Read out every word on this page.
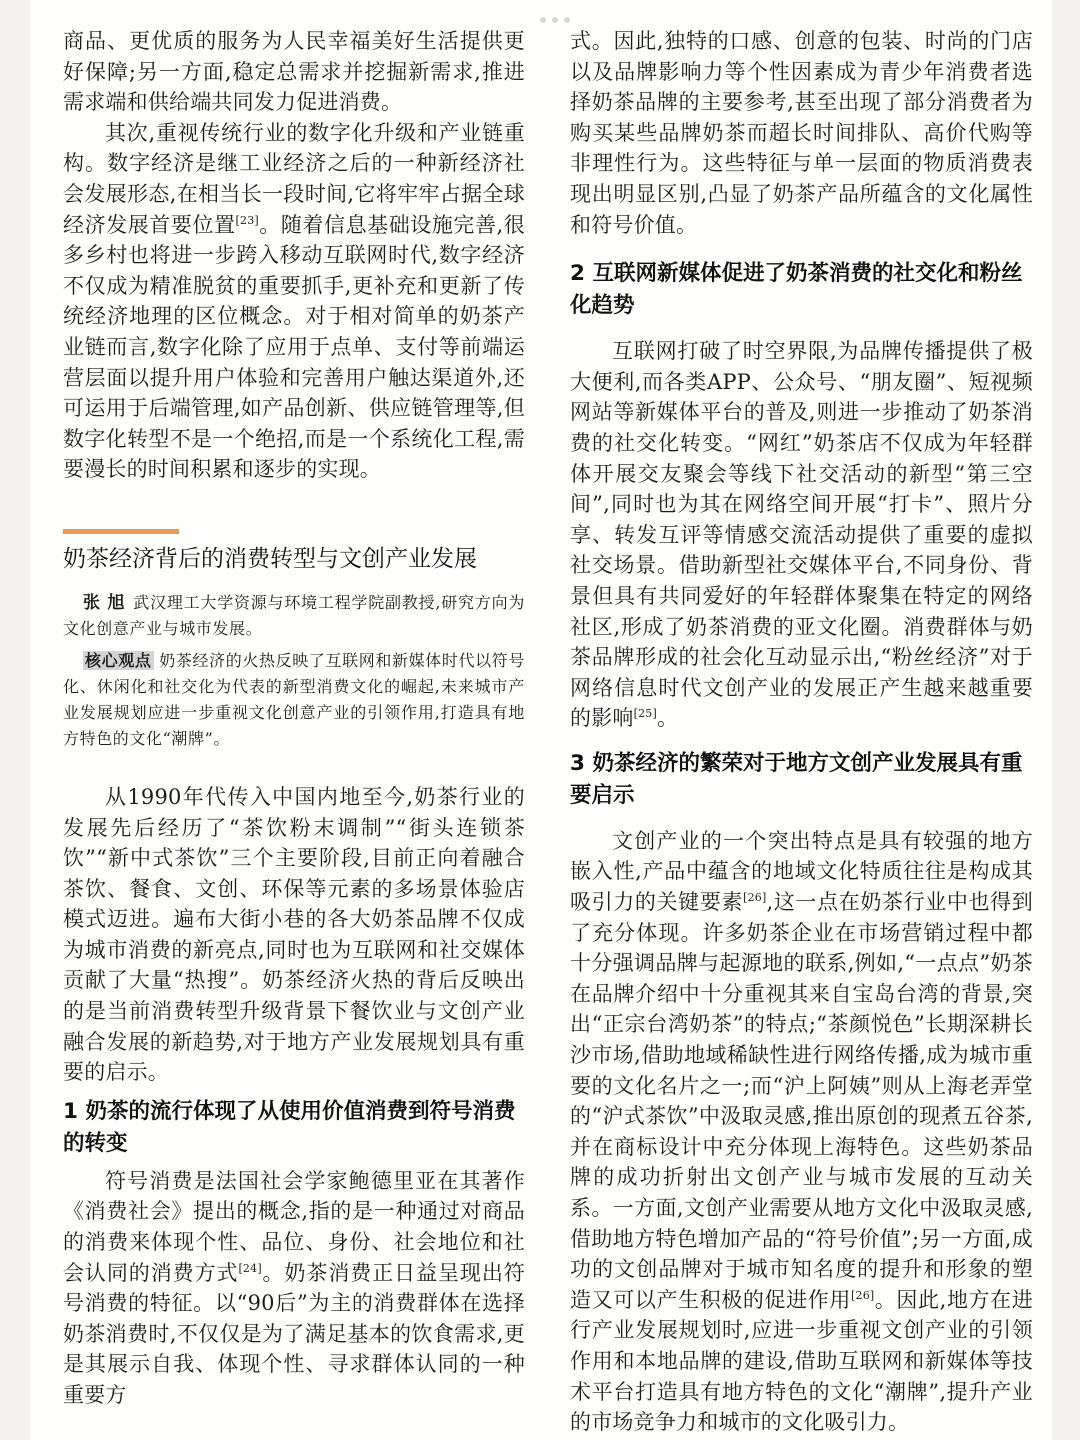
商品、更优质的服务为人民幸福美好生活提供更好保障;另一方面,稳定总需求并挖掘新需求,推进需求端和供给端共同发力促进消费。

其次,重视传统行业的数字化升级和产业链重构。数字经济是继工业经济之后的一种新经济社会发展形态,在相当长一段时间,它将牢牢占据全球经济发展首要位置[23]。随着信息基础设施完善,很多乡村也将进一步跨入移动互联网时代,数字经济不仅成为精准脱贫的重要抓手,更补充和更新了传统经济地理的区位概念。对于相对简单的奶茶产业链而言,数字化除了应用于点单、支付等前端运营层面以提升用户体验和完善用户触达渠道外,还可运用于后端管理,如产品创新、供应链管理等,但数字化转型不是一个绝招,而是一个系统化工程,需要漫长的时间积累和逐步的实现。

奶茶经济背后的消费转型与文创产业发展

张 旭 武汉理工大学资源与环境工程学院副教授,研究方向为文化创意产业与城市发展。

核心观点 奶茶经济的火热反映了互联网和新媒体时代以符号化、休闲化和社交化为代表的新型消费文化的崛起,未来城市产业发展规划应进一步重视文化创意产业的引领作用,打造具有地方特色的文化“潮牌”。

从1990年代传入中国内地至今,奶茶行业的发展先后经历了“茶饮粉末调制”“街头连锁茶饮”“新中式茶饮”三个主要阶段,目前正向着融合茶饮、餐食、文创、环保等元素的多场景体验店模式迈进。遍布大街小巷的各大奶茶品牌不仅成为城市消费的新亮点,同时也为互联网和社交媒体贡献了大量“热搜”。奶茶经济火热的背后反映出的是当前消费转型升级背景下餐饮业与文创产业融合发展的新趋势,对于地方产业发展规划具有重要的启示。

1 奶茶的流行体现了从使用价值消费到符号消费的转变

符号消费是法国社会学家鲍德里亚在其著作《消费社会》提出的概念,指的是一种通过对商品的消费来体现个性、品位、身份、社会地位和社会认同的消费方式[24]。奶茶消费正日益呈现出符号消费的特征。以“90后”为主的消费群体在选择奶茶消费时,不仅仅是为了满足基本的饮食需求,更是其展示自我、体现个性、寻求群体认同的一种重要方

式。因此,独特的口感、创意的包装、时尚的门店以及品牌影响力等个性因素成为青少年消费者选择奶茶品牌的主要参考,甚至出现了部分消费者为购买某些品牌奶茶而超长时间排队、高价代购等非理性行为。这些特征与单一层面的物质消费表现出明显区别,凸显了奶茶产品所蕴含的文化属性和符号价值。

2 互联网新媒体促进了奶茶消费的社交化和粉丝化趋势

互联网打破了时空界限,为品牌传播提供了极大便利,而各类APP、公众号、“朋友圈”、短视频网站等新媒体平台的普及,则进一步推动了奶茶消费的社交化转变。“网红”奶茶店不仅成为年轻群体开展交友聚会等线下社交活动的新型“第三空间”,同时也为其在网络空间开展“打卡”、照片分享、转发互评等情感交流活动提供了重要的虚拟社交场景。借助新型社交媒体平台,不同身份、背景但具有共同爱好的年轻群体聚集在特定的网络社区,形成了奶茶消费的亚文化圈。消费群体与奶茶品牌形成的社会化互动显示出,“粉丝经济”对于网络信息时代文创产业的发展正产生越来越重要的影响[25]。

3 奶茶经济的繁荣对于地方文创产业发展具有重要启示

文创产业的一个突出特点是具有较强的地方嵌入性,产品中蕴含的地域文化特质往往是构成其吸引力的关键要素[26],这一点在奶茶行业中也得到了充分体现。许多奶茶企业在市场营销过程中都十分强调品牌与起源地的联系,例如,“一点点”奶茶在品牌介绍中十分重视其来自宝岛台湾的背景,突出“正宗台湾奶茶”的特点;“茶颜悦色”长期深耕长沙市场,借助地域稀缺性进行网络传播,成为城市重要的文化名片之一;而“沪上阿姨”则从上海老弄堂的“沪式茶饮”中汲取灵感,推出原创的现煮五谷茶,并在商标设计中充分体现上海特色。这些奶茶品牌的成功折射出文创产业与城市发展的互动关系。一方面,文创产业需要从地方文化中汲取灵感,借助地方特色增加产品的“符号价值”;另一方面,成功的文创品牌对于城市知名度的提升和形象的塑造又可以产生积极的促进作用[26]。因此,地方在进行产业发展规划时,应进一步重视文创产业的引领作用和本地品牌的建设,借助互联网和新媒体等技术平台打造具有地方特色的文化“潮牌”,提升产业的市场竞争力和城市的文化吸引力。
